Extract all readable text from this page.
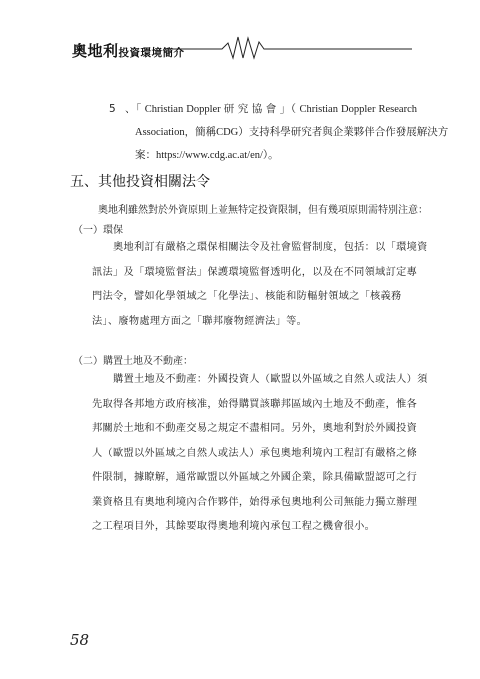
奧地利投資環境簡介
5 、「 Christian Doppler 研 究 協 會 」（ Christian Doppler Research
Association，簡稱CDG）支持科學研究者與企業夥伴合作發展解決方
案：https://www.cdg.ac.at/en/）。
五、其他投資相關法令
奧地利雖然對於外資原則上並無特定投資限制，但有幾項原則需特別注意：
（一）環保
　　奧地利訂有嚴格之環保相關法令及社會監督制度，包括：以「環境資
訊法」及「環境監督法」保護環境監督透明化，以及在不同領域訂定專
門法令，譬如化學領域之「化學法」、核能和防輻射領域之「核義務
法」、廢物處理方面之「聯邦廢物經濟法」等。
（二）購置土地及不動產：
　　購置土地及不動產：外國投資人（歐盟以外區域之自然人或法人）須
先取得各邦地方政府核准，始得購買該聯邦區域內土地及不動產，惟各
邦關於土地和不動產交易之規定不盡相同。另外，奧地利對於外國投資
人（歐盟以外區域之自然人或法人）承包奧地利境內工程訂有嚴格之條
件限制，據瞭解，通常歐盟以外區域之外國企業，除具備歐盟認可之行
業資格且有奧地利境內合作夥伴，始得承包奧地利公司無能力獨立辦理
之工程項目外，其餘要取得奧地利境內承包工程之機會很小。
58
